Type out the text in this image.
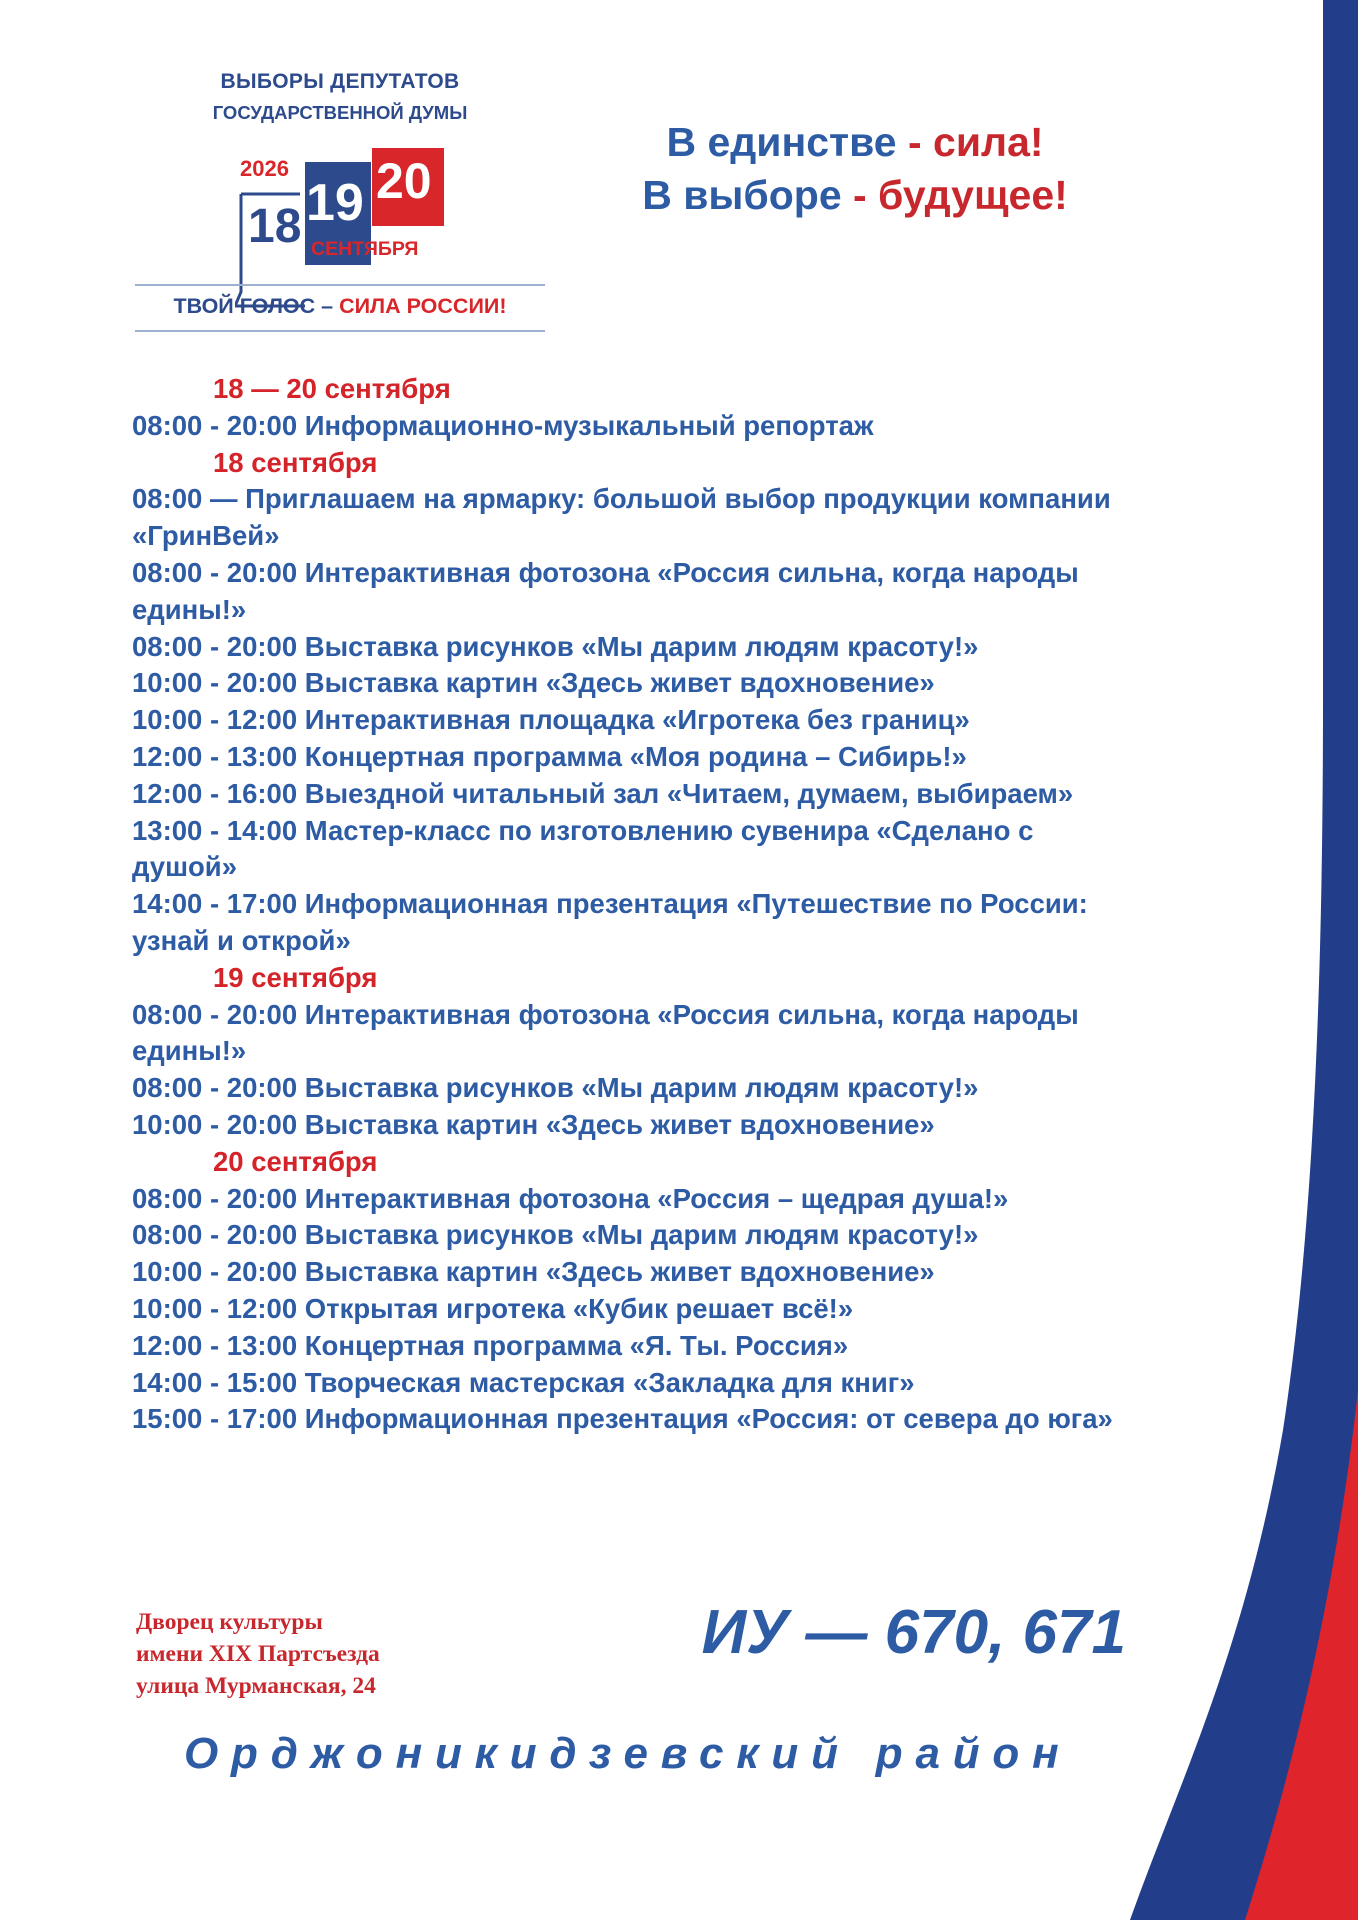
ВЫБОРЫ ДЕПУТАТОВ
ГОСУДАРСТВЕННОЙ ДУМЫ
2026
18 19 20
СЕНТЯБРЯ
ТВОЙ ГОЛОС – СИЛА РОССИИ!
В единстве - сила!
В выборе - будущее!
18 — 20 сентября
08:00 - 20:00 Информационно-музыкальный репортаж
18 сентября
08:00 — Приглашаем на ярмарку: большой выбор продукции компании «ГринВей»
08:00 - 20:00 Интерактивная фотозона «Россия сильна, когда народы едины!»
08:00 - 20:00 Выставка рисунков «Мы дарим людям красоту!»
10:00 - 20:00 Выставка картин «Здесь живет вдохновение»
10:00 - 12:00 Интерактивная площадка «Игротека без границ»
12:00 - 13:00 Концертная программа «Моя родина – Сибирь!»
12:00 - 16:00 Выездной читальный зал «Читаем, думаем, выбираем»
13:00 - 14:00 Мастер-класс по изготовлению сувенира «Сделано с душой»
14:00 - 17:00 Информационная презентация «Путешествие по России: узнай и открой»
19 сентября
08:00 - 20:00 Интерактивная фотозона «Россия сильна, когда народы едины!»
08:00 - 20:00 Выставка рисунков «Мы дарим людям красоту!»
10:00 - 20:00 Выставка картин «Здесь живет вдохновение»
20 сентября
08:00 - 20:00 Интерактивная фотозона «Россия – щедрая душа!»
08:00 - 20:00 Выставка рисунков «Мы дарим людям красоту!»
10:00 - 20:00 Выставка картин «Здесь живет вдохновение»
10:00 - 12:00 Открытая игротека «Кубик решает всё!»
12:00 - 13:00 Концертная программа «Я. Ты. Россия»
14:00 - 15:00 Творческая мастерская «Закладка для книг»
15:00 - 17:00 Информационная презентация «Россия: от севера до юга»
Дворец культуры
имени XIX Партсъезда
улица Мурманская, 24
ИУ — 670, 671
Орджоникидзевский район
